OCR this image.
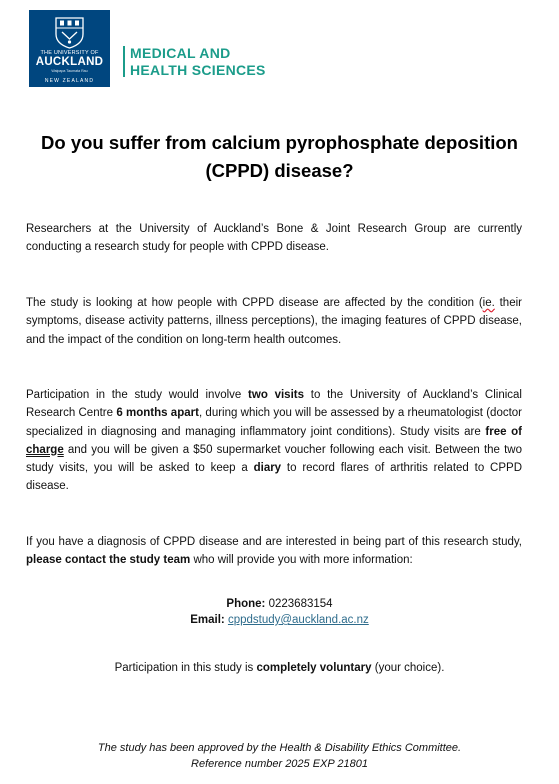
THE UNIVERSITY OF
AUCKLAND
Waipapa Taumata Rau
NEW ZEALAND
MEDICAL AND
HEALTH SCIENCES
Do you suffer from calcium pyrophosphate deposition
(CPPD) disease?

Researchers at the University of Auckland’s Bone & Joint Research Group are currently conducting a research study for people with CPPD disease.

The study is looking at how people with CPPD disease are affected by the condition (ie. their symptoms, disease activity patterns, illness perceptions), the imaging features of CPPD disease, and the impact of the condition on long-term health outcomes.

Participation in the study would involve two visits to the University of Auckland’s Clinical Research Centre 6 months apart, during which you will be assessed by a rheumatologist (doctor specialized in diagnosing and managing inflammatory joint conditions). Study visits are free of charge and you will be given a $50 supermarket voucher following each visit. Between the two study visits, you will be asked to keep a diary to record flares of arthritis related to CPPD disease.

If you have a diagnosis of CPPD disease and are interested in being part of this research study, please contact the study team who will provide you with more information:

Phone: 0223683154
Email: cppdstudy@auckland.ac.nz
Participation in this study is completely voluntary (your choice).
The study has been approved by the Health & Disability Ethics Committee.
Reference number 2025 EXP 21801
